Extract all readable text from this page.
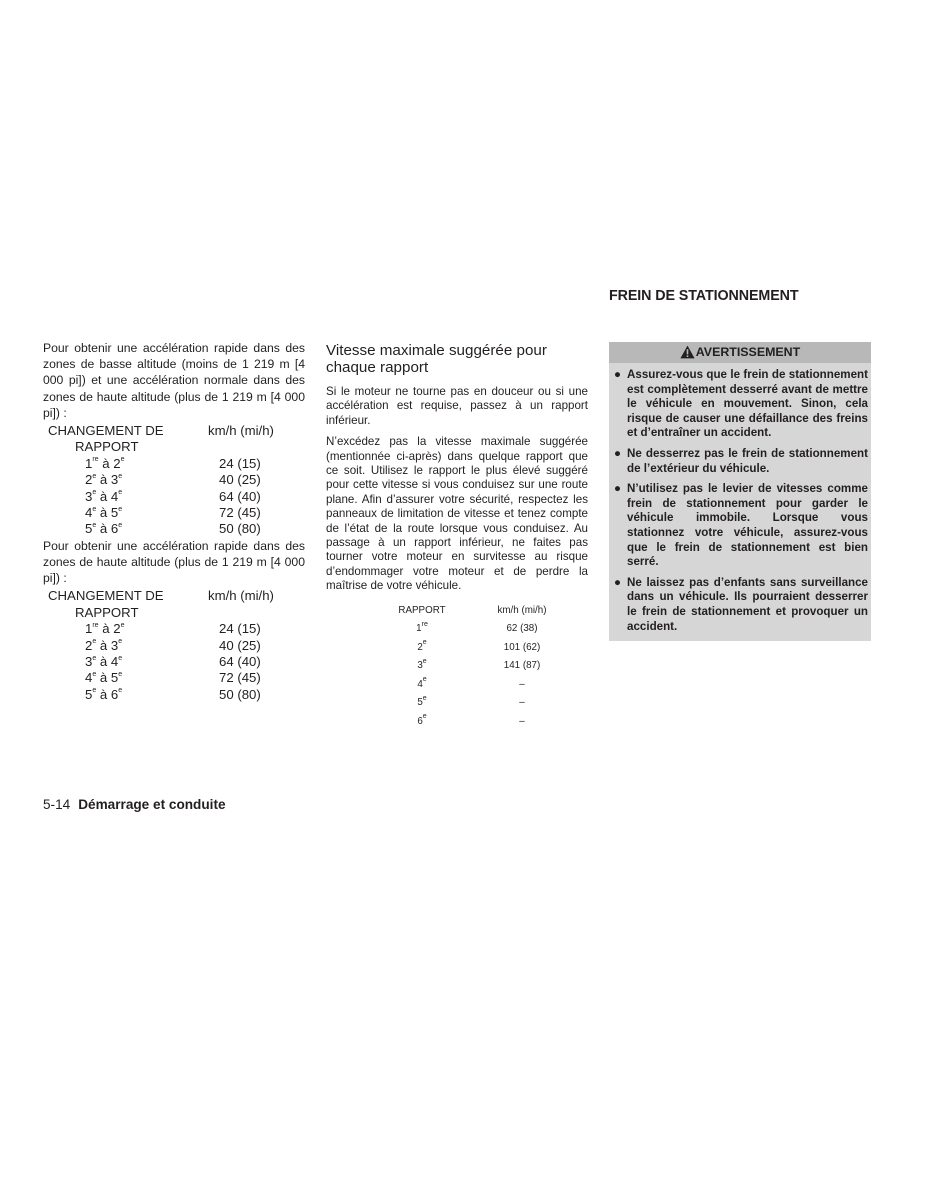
Pour obtenir une accélération rapide dans des zones de basse altitude (moins de 1 219 m [4 000 pi]) et une accélération normale dans des zones de haute altitude (plus de 1 219 m [4 000 pi]) :

CHANGEMENT DE	km/h (mi/h)
RAPPORT
1re à 2e	24 (15)
2e à 3e	40 (25)
3e à 4e	64 (40)
4e à 5e	72 (45)
5e à 6e	50 (80)

Pour obtenir une accélération rapide dans des zones de haute altitude (plus de 1 219 m [4 000 pi]) :

CHANGEMENT DE	km/h (mi/h)
RAPPORT
1re à 2e	24 (15)
2e à 3e	40 (25)
3e à 4e	64 (40)
4e à 5e	72 (45)
5e à 6e	50 (80)
Vitesse maximale suggérée pour chaque rapport

Si le moteur ne tourne pas en douceur ou si une accélération est requise, passez à un rapport inférieur.

N’excédez pas la vitesse maximale suggérée (mentionnée ci-après) dans quelque rapport que ce soit. Utilisez le rapport le plus élevé suggéré pour cette vitesse si vous conduisez sur une route plane. Afin d’assurer votre sécurité, respectez les panneaux de limitation de vitesse et tenez compte de l’état de la route lorsque vous conduisez. Au passage à un rapport inférieur, ne faites pas tourner votre moteur en survitesse au risque d’endommager votre moteur et de perdre la maîtrise de votre véhicule.

RAPPORT	km/h (mi/h)
1re	62 (38)
2e	101 (62)
3e	141 (87)
4e	–
5e	–
6e	–
FREIN DE STATIONNEMENT
AVERTISSEMENT
● Assurez-vous que le frein de stationnement est complètement desserré avant de mettre le véhicule en mouvement. Sinon, cela risque de causer une défaillance des freins et d’entraîner un accident.
● Ne desserrez pas le frein de stationnement de l’extérieur du véhicule.
● N’utilisez pas le levier de vitesses comme frein de stationnement pour garder le véhicule immobile. Lorsque vous stationnez votre véhicule, assurez-vous que le frein de stationnement est bien serré.
● Ne laissez pas d’enfants sans surveillance dans un véhicule. Ils pourraient desserrer le frein de stationnement et provoquer un accident.
5-14 Démarrage et conduite
